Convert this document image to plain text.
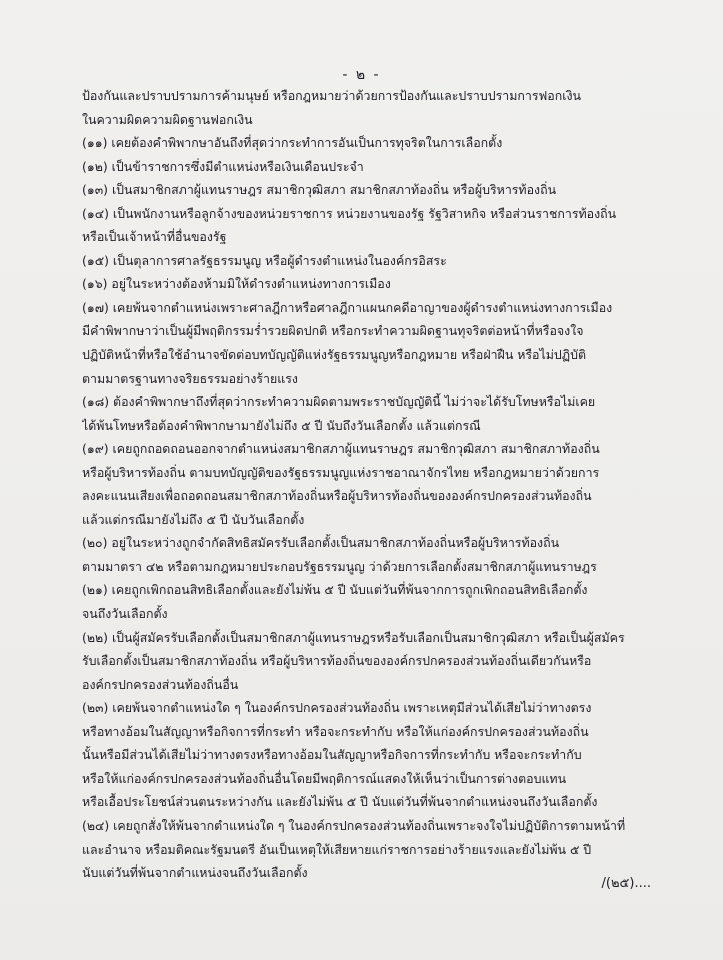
- ๒ -
ป้องกันและปราบปรามการค้ามนุษย์ หรือกฎหมายว่าด้วยการป้องกันและปราบปรามการฟอกเงิน
ในความผิดความผิดฐานฟอกเงิน
(๑๑) เคยต้องคำพิพากษาอันถึงที่สุดว่ากระทำการอันเป็นการทุจริตในการเลือกตั้ง
(๑๒) เป็นข้าราชการซึ่งมีตำแหน่งหรือเงินเดือนประจำ
(๑๓) เป็นสมาชิกสภาผู้แทนราษฎร สมาชิกวุฒิสภา สมาชิกสภาท้องถิ่น หรือผู้บริหารท้องถิ่น
(๑๔) เป็นพนักงานหรือลูกจ้างของหน่วยราชการ หน่วยงานของรัฐ รัฐวิสาหกิจ หรือส่วนราชการท้องถิ่น
หรือเป็นเจ้าหน้าที่อื่นของรัฐ
(๑๕) เป็นตุลาการศาลรัฐธรรมนูญ หรือผู้ดำรงตำแหน่งในองค์กรอิสระ
(๑๖) อยู่ในระหว่างต้องห้ามมิให้ดำรงตำแหน่งทางการเมือง
(๑๗) เคยพ้นจากตำแหน่งเพราะศาลฎีกาหรือศาลฎีกาแผนกคดีอาญาของผู้ดำรงตำแหน่งทางการเมือง
มีคำพิพากษาว่าเป็นผู้มีพฤติกรรมร่ำรวยผิดปกติ หรือกระทำความผิดฐานทุจริตต่อหน้าที่หรือจงใจ
ปฏิบัติหน้าที่หรือใช้อำนาจขัดต่อบทบัญญัติแห่งรัฐธรรมนูญหรือกฎหมาย หรือฝ่าฝืน หรือไม่ปฏิบัติ
ตามมาตรฐานทางจริยธรรมอย่างร้ายแรง
(๑๘) ต้องคำพิพากษาถึงที่สุดว่ากระทำความผิดตามพระราชบัญญัตินี้ ไม่ว่าจะได้รับโทษหรือไม่เคย
ได้พ้นโทษหรือต้องคำพิพากษามายังไม่ถึง ๕ ปี นับถึงวันเลือกตั้ง แล้วแต่กรณี
(๑๙) เคยถูกถอดถอนออกจากตำแหน่งสมาชิกสภาผู้แทนราษฎร สมาชิกวุฒิสภา สมาชิกสภาท้องถิ่น
หรือผู้บริหารท้องถิ่น ตามบทบัญญัติของรัฐธรรมนูญแห่งราชอาณาจักรไทย หรือกฎหมายว่าด้วยการ
ลงคะแนนเสียงเพื่อถอดถอนสมาชิกสภาท้องถิ่นหรือผู้บริหารท้องถิ่นขององค์กรปกครองส่วนท้องถิ่น
แล้วแต่กรณีมายังไม่ถึง ๕ ปี นับวันเลือกตั้ง
(๒๐) อยู่ในระหว่างถูกจำกัดสิทธิสมัครรับเลือกตั้งเป็นสมาชิกสภาท้องถิ่นหรือผู้บริหารท้องถิ่น
ตามมาตรา ๔๒ หรือตามกฎหมายประกอบรัฐธรรมนูญ ว่าด้วยการเลือกตั้งสมาชิกสภาผู้แทนราษฎร
(๒๑) เคยถูกเพิกถอนสิทธิเลือกตั้งและยังไม่พ้น ๕ ปี นับแต่วันที่พ้นจากการถูกเพิกถอนสิทธิเลือกตั้ง
จนถึงวันเลือกตั้ง
(๒๒) เป็นผู้สมัครรับเลือกตั้งเป็นสมาชิกสภาผู้แทนราษฎรหรือรับเลือกเป็นสมาชิกวุฒิสภา หรือเป็นผู้สมัคร
รับเลือกตั้งเป็นสมาชิกสภาท้องถิ่น หรือผู้บริหารท้องถิ่นขององค์กรปกครองส่วนท้องถิ่นเดียวกันหรือ
องค์กรปกครองส่วนท้องถิ่นอื่น
(๒๓) เคยพ้นจากตำแหน่งใด ๆ ในองค์กรปกครองส่วนท้องถิ่น เพราะเหตุมีส่วนได้เสียไม่ว่าทางตรง
หรือทางอ้อมในสัญญาหรือกิจการที่กระทำ หรือจะกระทำกับ หรือให้แก่องค์กรปกครองส่วนท้องถิ่น
นั้นหรือมีส่วนได้เสียไม่ว่าทางตรงหรือทางอ้อมในสัญญาหรือกิจการที่กระทำกับ หรือจะกระทำกับ
หรือให้แก่องค์กรปกครองส่วนท้องถิ่นอื่นโดยมีพฤติการณ์แสดงให้เห็นว่าเป็นการต่างตอบแทน
หรือเอื้อประโยชน์ส่วนตนระหว่างกัน และยังไม่พ้น ๕ ปี นับแต่วันที่พ้นจากตำแหน่งจนถึงวันเลือกตั้ง
(๒๔) เคยถูกสั่งให้พ้นจากตำแหน่งใด ๆ ในองค์กรปกครองส่วนท้องถิ่นเพราะจงใจไม่ปฏิบัติการตามหน้าที่
และอำนาจ หรือมติคณะรัฐมนตรี อันเป็นเหตุให้เสียหายแก่ราชการอย่างร้ายแรงและยังไม่พ้น ๕ ปี
นับแต่วันที่พ้นจากตำแหน่งจนถึงวันเลือกตั้ง
/(๒๕)....
